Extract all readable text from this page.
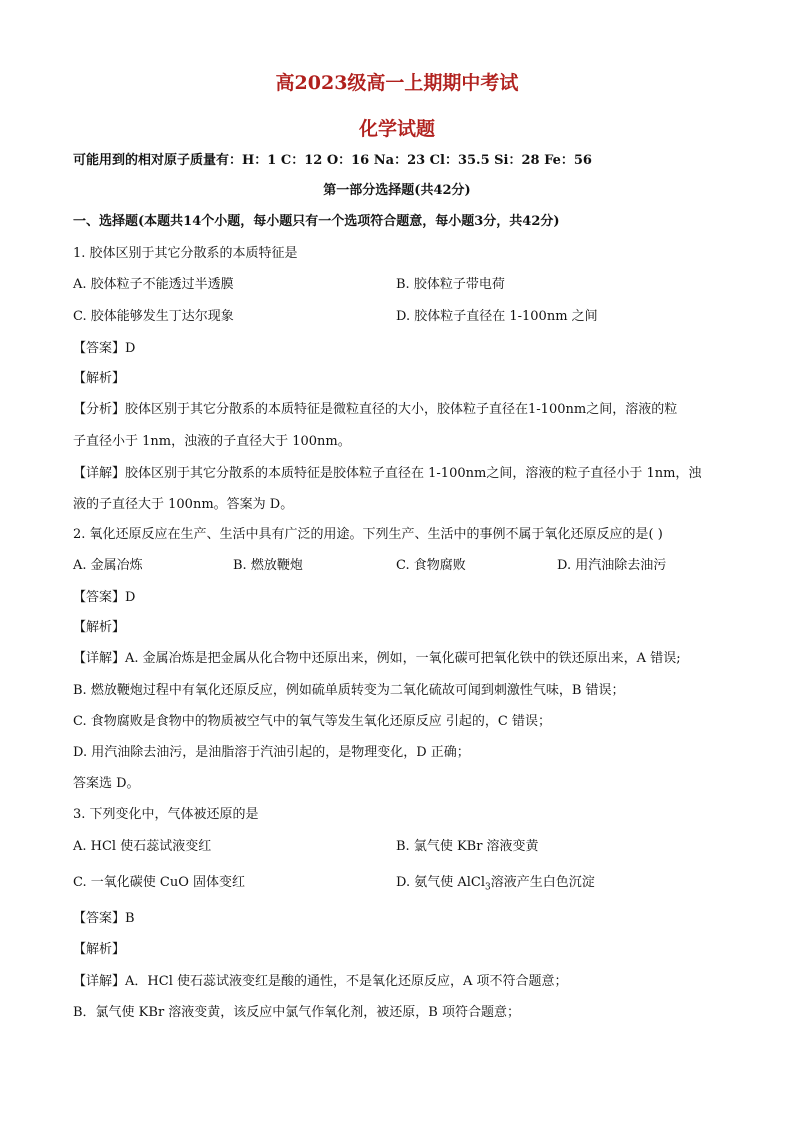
高2023级高一上期期中考试
化学试题
可能用到的相对原子质量有：H：1 C：12 O：16 Na：23 Cl：35.5 Si：28 Fe：56
第一部分选择题(共42分)
一、选择题(本题共14个小题，每小题只有一个选项符合题意，每小题3分，共42分)
1. 胶体区别于其它分散系的本质特征是
A. 胶体粒子不能透过半透膜	B. 胶体粒子带电荷
C. 胶体能够发生丁达尔现象	D. 胶体粒子直径在 1-100nm 之间
【答案】D
【解析】
【分析】胶体区别于其它分散系的本质特征是微粒直径的大小，胶体粒子直径在1-100nm之间，溶液的粒
子直径小于 1nm，浊液的子直径大于 100nm。
【详解】胶体区别于其它分散系的本质特征是胶体粒子直径在 1-100nm之间，溶液的粒子直径小于 1nm，浊
液的子直径大于 100nm。答案为 D。
2. 氧化还原反应在生产、生活中具有广泛的用途。下列生产、生活中的事例不属于氧化还原反应的是( )
A. 金属冶炼	B. 燃放鞭炮	C. 食物腐败	D. 用汽油除去油污
【答案】D
【解析】
【详解】A. 金属冶炼是把金属从化合物中还原出来，例如，一氧化碳可把氧化铁中的铁还原出来，A 错误;
B. 燃放鞭炮过程中有氧化还原反应，例如硫单质转变为二氧化硫故可闻到刺激性气味，B 错误；
C. 食物腐败是食物中的物质被空气中的氧气等发生氧化还原反应 引起的，C 错误；
D. 用汽油除去油污，是油脂溶于汽油引起的，是物理变化，D 正确；
答案选 D。
3. 下列变化中，气体被还原的是
A. HCl 使石蕊试液变红	B. 氯气使 KBr 溶液变黄
C. 一氧化碳使 CuO 固体变红	D. 氨气使 AlCl$_3$溶液产生白色沉淀
【答案】B
【解析】
【详解】A．HCl 使石蕊试液变红是酸的通性，不是氧化还原反应，A 项不符合题意；
B．氯气使 KBr 溶液变黄，该反应中氯气作氧化剂，被还原，B 项符合题意；
